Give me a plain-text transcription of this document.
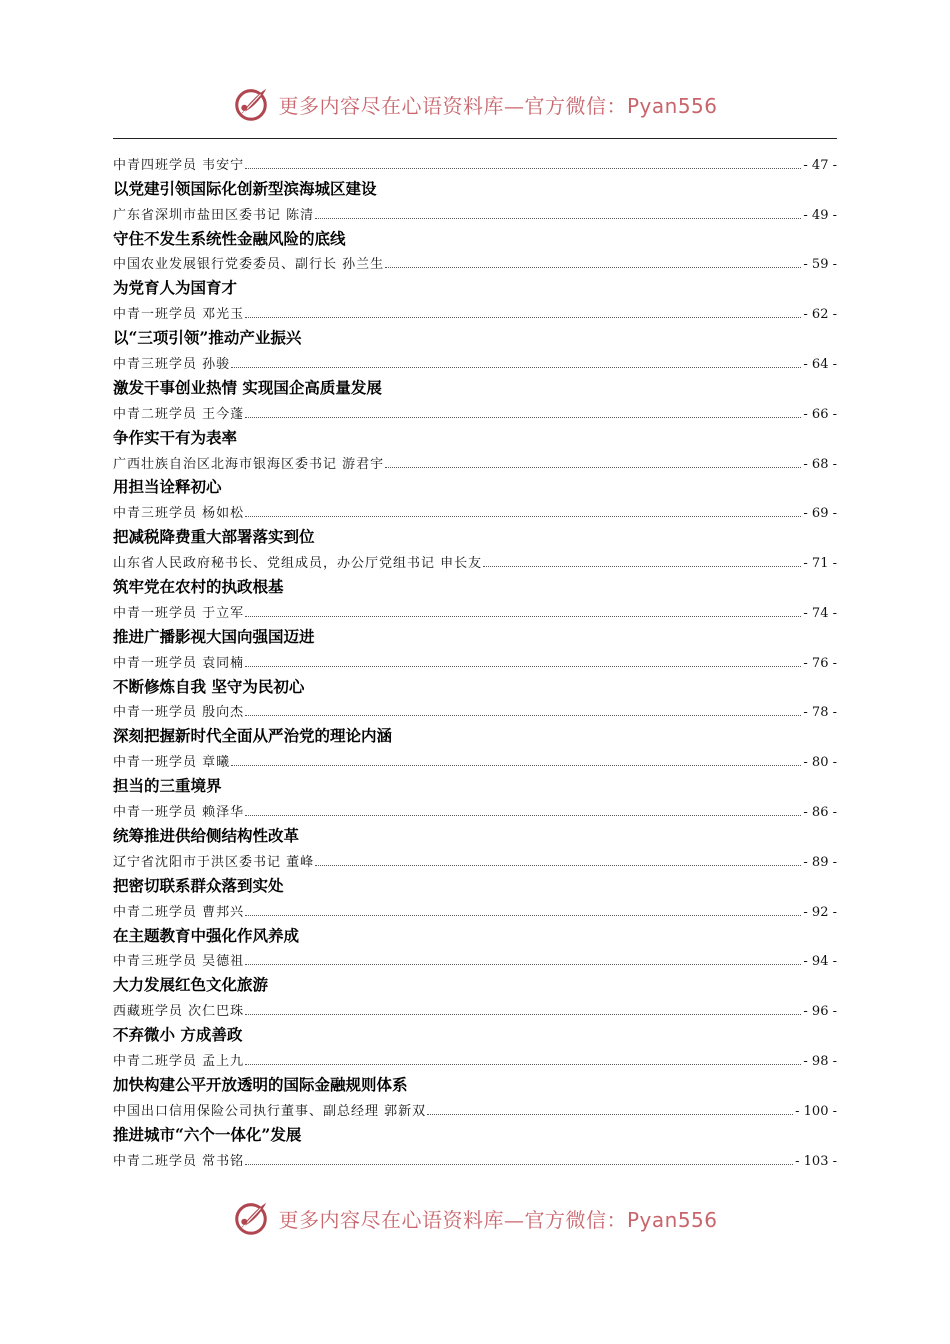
更多内容尽在心语资料库—官方微信：Pyan556
中青四班学员 韦安宁	- 47 -
以党建引领国际化创新型滨海城区建设
广东省深圳市盐田区委书记 陈清	- 49 -
守住不发生系统性金融风险的底线
中国农业发展银行党委委员、副行长 孙兰生	- 59 -
为党育人为国育才
中青一班学员 邓光玉	- 62 -
以“三项引领”推动产业振兴
中青三班学员 孙骏	- 64 -
激发干事创业热情 实现国企高质量发展
中青二班学员 王今蓬	- 66 -
争作实干有为表率
广西壮族自治区北海市银海区委书记 游君宇	- 68 -
用担当诠释初心
中青三班学员 杨如松	- 69 -
把减税降费重大部署落实到位
山东省人民政府秘书长、党组成员，办公厅党组书记 申长友	- 71 -
筑牢党在农村的执政根基
中青一班学员 于立军	- 74 -
推进广播影视大国向强国迈进
中青一班学员 袁同楠	- 76 -
不断修炼自我 坚守为民初心
中青一班学员 殷向杰	- 78 -
深刻把握新时代全面从严治党的理论内涵
中青一班学员 章曦	- 80 -
担当的三重境界
中青一班学员 赖泽华	- 86 -
统筹推进供给侧结构性改革
辽宁省沈阳市于洪区委书记 董峰	- 89 -
把密切联系群众落到实处
中青二班学员 曹邦兴	- 92 -
在主题教育中强化作风养成
中青三班学员 吴德祖	- 94 -
大力发展红色文化旅游
西藏班学员 次仁巴珠	- 96 -
不弃微小 方成善政
中青二班学员 孟上九	- 98 -
加快构建公平开放透明的国际金融规则体系
中国出口信用保险公司执行董事、副总经理 郭新双	- 100 -
推进城市“六个一体化”发展
中青二班学员 常书铭	- 103 -
更多内容尽在心语资料库—官方微信：Pyan556
